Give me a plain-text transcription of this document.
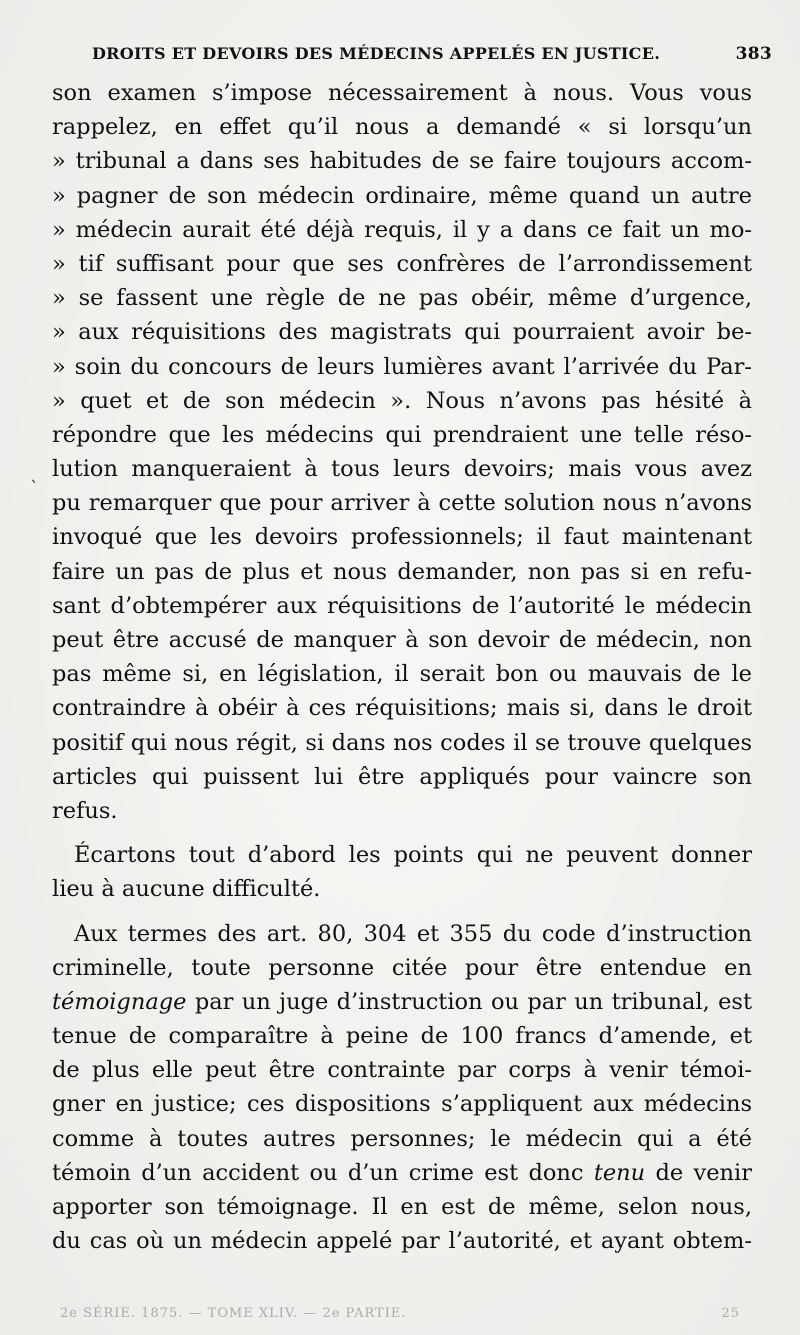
DROITS ET DEVOIRS DES MÉDECINS APPELÉS EN JUSTICE.	383
`
son examen s’impose nécessairement à nous. Vous vous
rappelez, en effet qu’il nous a demandé « si lorsqu’un
» tribunal a dans ses habitudes de se faire toujours accom-
» pagner de son médecin ordinaire, même quand un autre
» médecin aurait été déjà requis, il y a dans ce fait un mo-
» tif suffisant pour que ses confrères de l’arrondissement
» se fassent une règle de ne pas obéir, même d’urgence,
» aux réquisitions des magistrats qui pourraient avoir be-
» soin du concours de leurs lumières avant l’arrivée du Par-
» quet et de son médecin ». Nous n’avons pas hésité à
répondre que les médecins qui prendraient une telle réso-
lution manqueraient à tous leurs devoirs; mais vous avez
pu remarquer que pour arriver à cette solution nous n’avons
invoqué que les devoirs professionnels; il faut maintenant
faire un pas de plus et nous demander, non pas si en refu-
sant d’obtempérer aux réquisitions de l’autorité le médecin
peut être accusé de manquer à son devoir de médecin, non
pas même si, en législation, il serait bon ou mauvais de le
contraindre à obéir à ces réquisitions; mais si, dans le droit
positif qui nous régit, si dans nos codes il se trouve quelques
articles qui puissent lui être appliqués pour vaincre son
refus.
Écartons tout d’abord les points qui ne peuvent donner
lieu à aucune difficulté.
Aux termes des art. 80, 304 et 355 du code d’instruction
criminelle, toute personne citée pour être entendue en
témoignage par un juge d’instruction ou par un tribunal, est
tenue de comparaître à peine de 100 francs d’amende, et
de plus elle peut être contrainte par corps à venir témoi-
gner en justice; ces dispositions s’appliquent aux médecins
comme à toutes autres personnes; le médecin qui a été
témoin d’un accident ou d’un crime est donc tenu de venir
apporter son témoignage. Il en est de même, selon nous,
du cas où un médecin appelé par l’autorité, et ayant obtem-
2e SÉRIE. 1875. — TOME XLIV. — 2e PARTIE.	25
